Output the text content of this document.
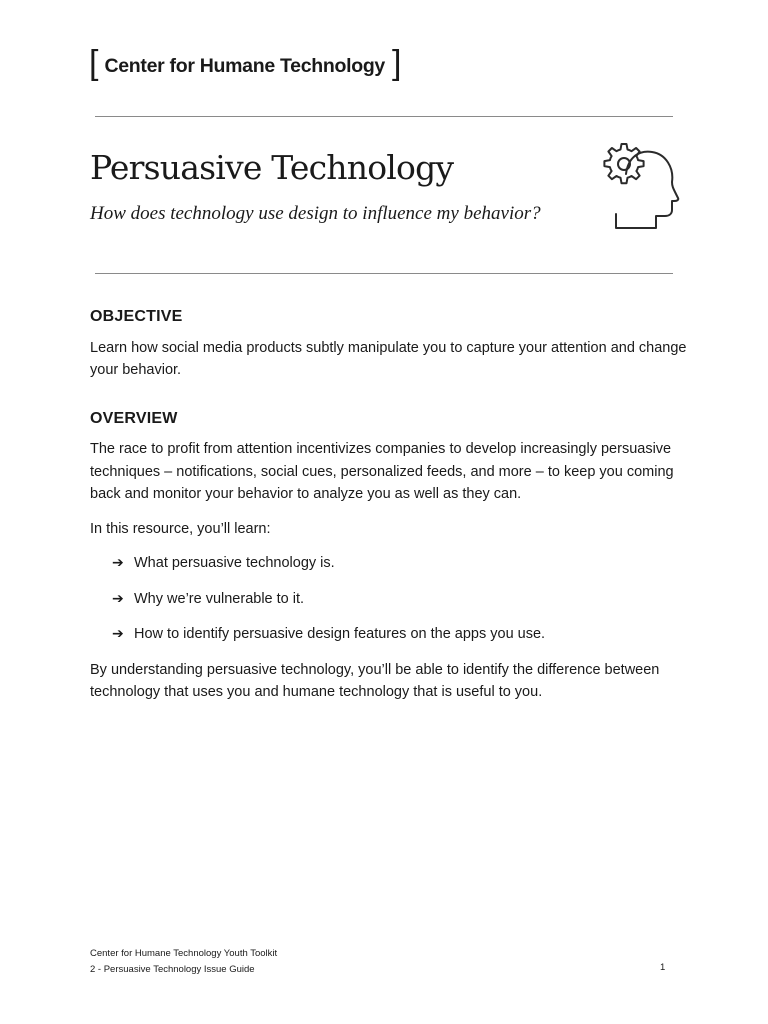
[ Center for Humane Technology ]
Persuasive Technology

How does technology use design to influence my behavior?

OBJECTIVE

Learn how social media products subtly manipulate you to capture your attention and change your behavior.

OVERVIEW

The race to profit from attention incentivizes companies to develop increasingly persuasive techniques – notifications, social cues, personalized feeds, and more – to keep you coming back and monitor your behavior to analyze you as well as they can.

In this resource, you’ll learn:

➔ What persuasive technology is.
➔ Why we’re vulnerable to it.
➔ How to identify persuasive design features on the apps you use.

By understanding persuasive technology, you’ll be able to identify the difference between technology that uses you and humane technology that is useful to you.

Center for Humane Technology Youth Toolkit
2 - Persuasive Technology Issue Guide	1
